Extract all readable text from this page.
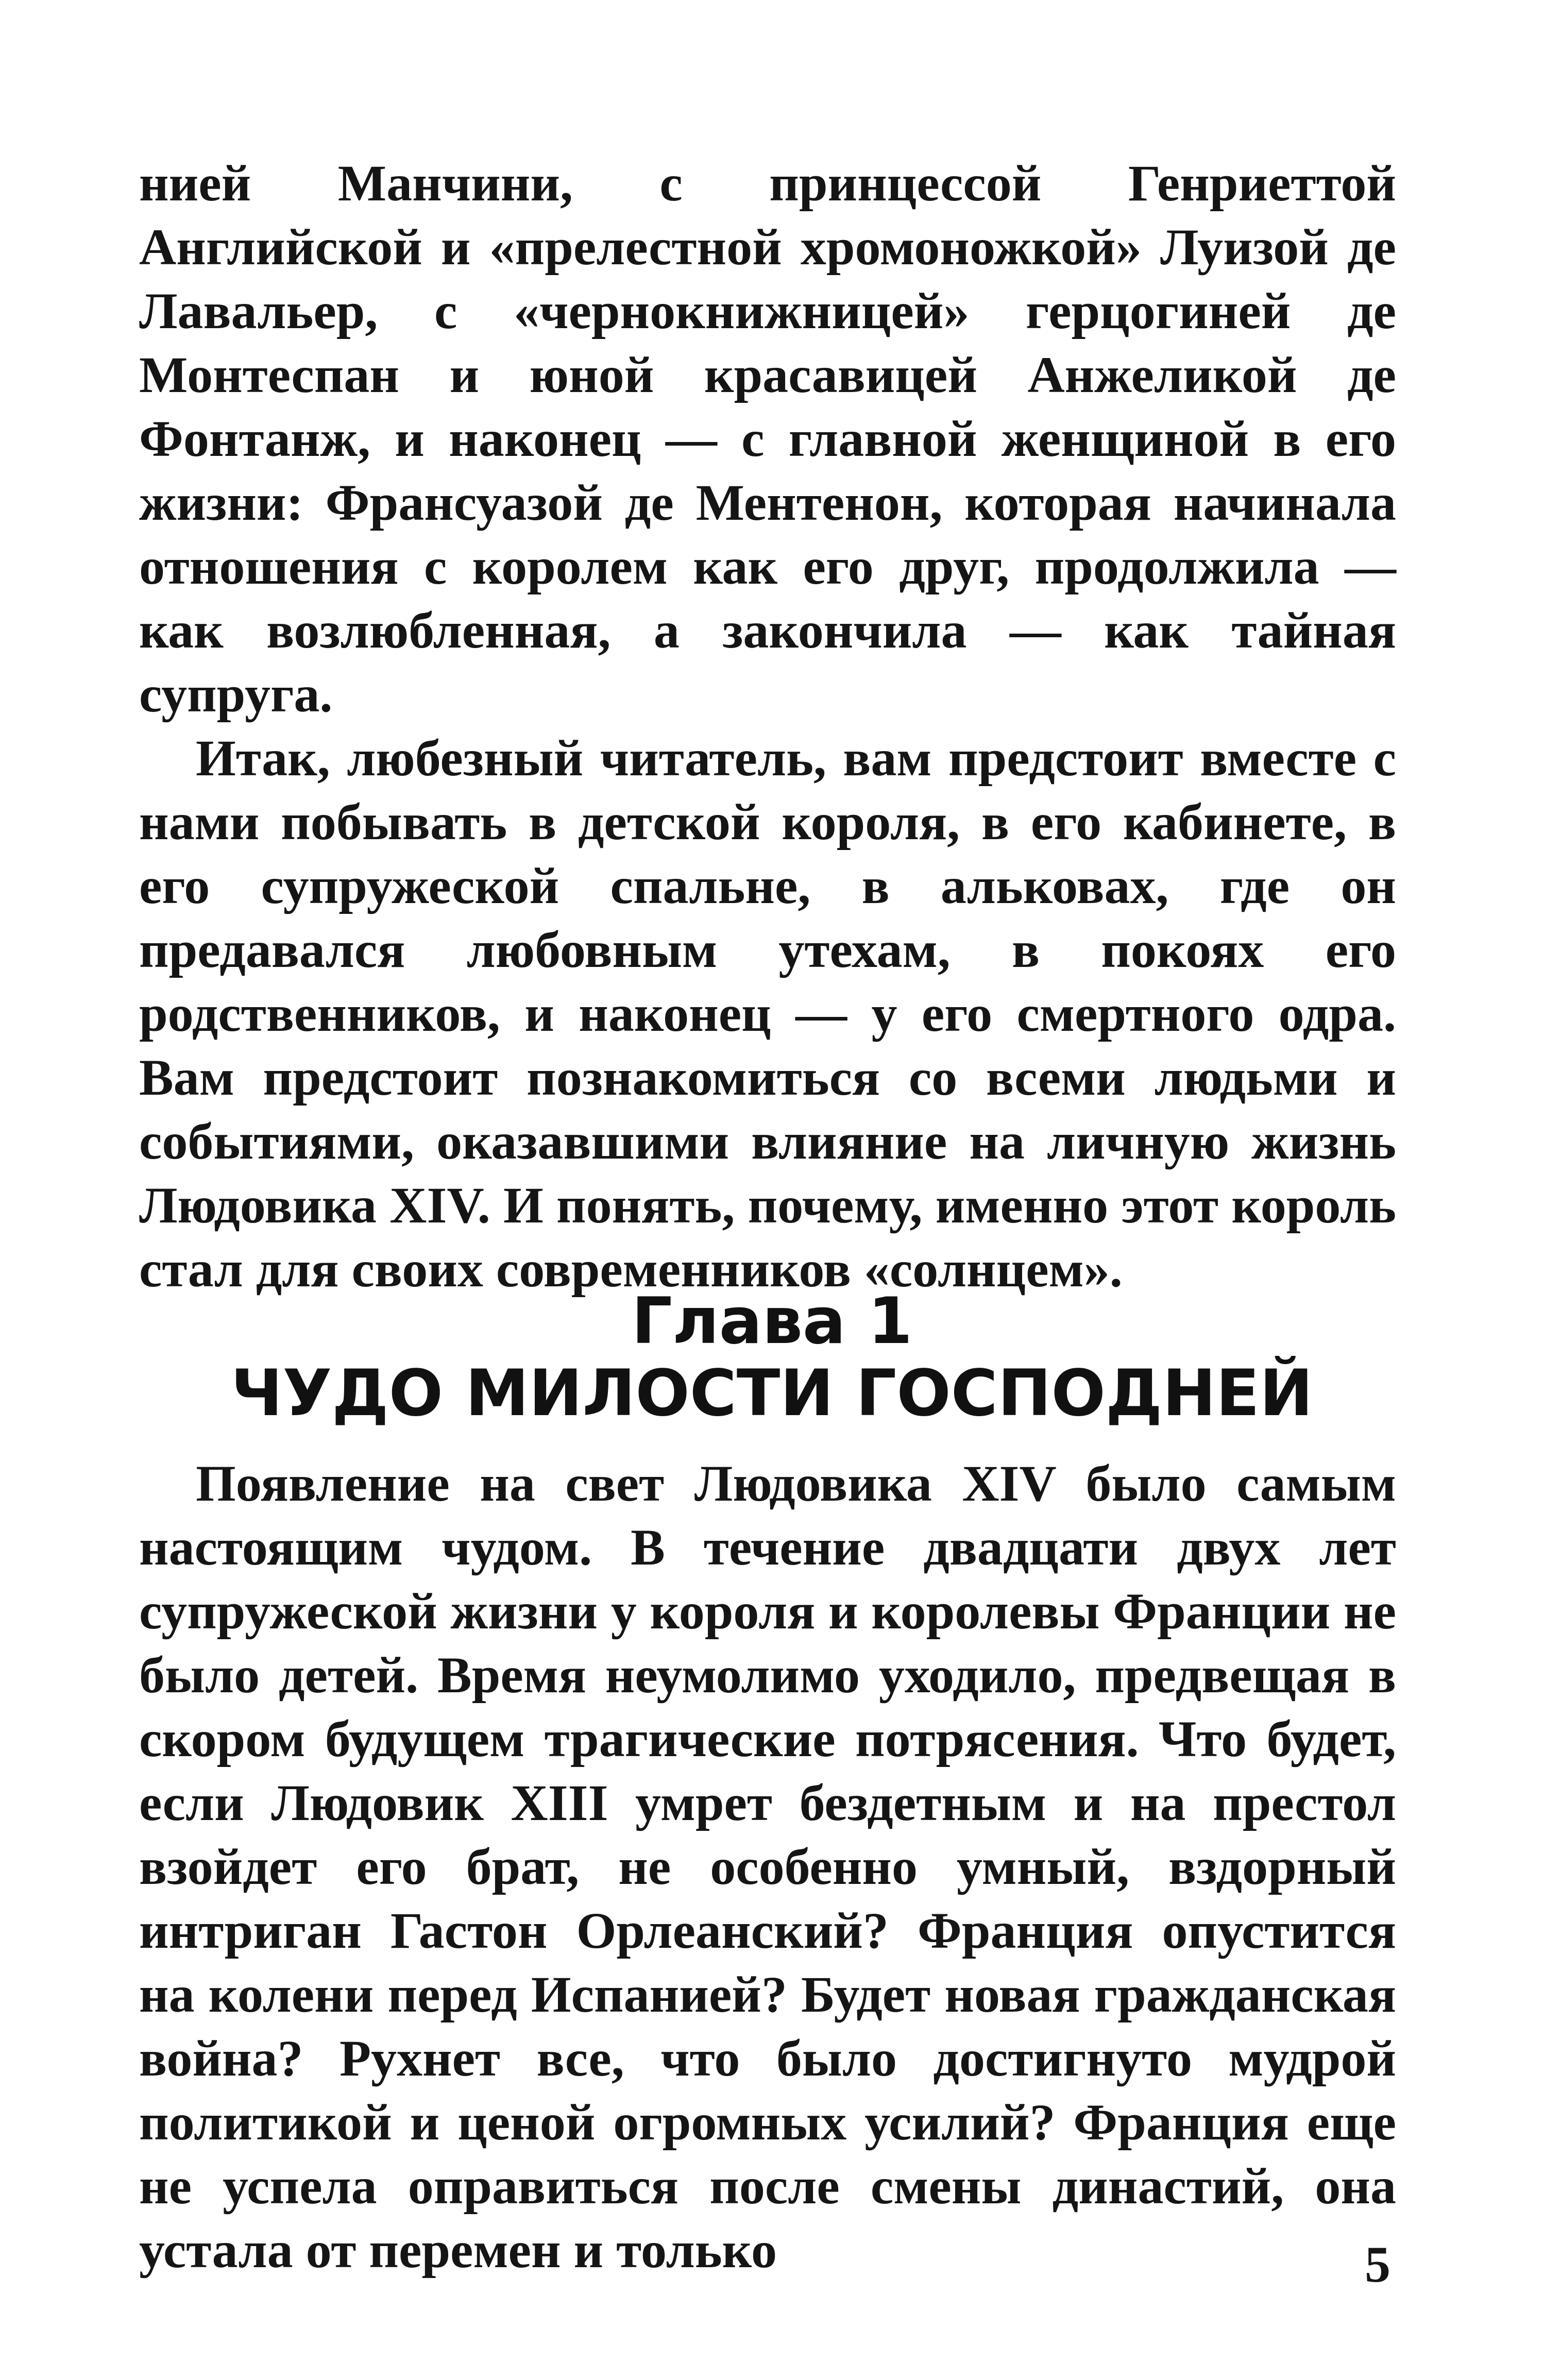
нией Манчини, с принцессой Генриеттой Английской и «прелестной хромоножкой» Луизой де Лавальер, с «чернокнижницей» герцогиней де Монтеспан и юной красавицей Анжеликой де Фонтанж, и наконец — с главной женщиной в его жизни: Франсуазой де Ментенон, которая начинала отношения с королем как его друг, продолжила — как возлюбленная, а закончила — как тайная супруга.

Итак, любезный читатель, вам предстоит вместе с нами побывать в детской короля, в его кабинете, в его супружеской спальне, в альковах, где он предавался любовным утехам, в покоях его родственников, и наконец — у его смертного одра. Вам предстоит познакомиться со всеми людьми и событиями, оказавшими влияние на личную жизнь Людовика XIV. И понять, почему, именно этот король стал для своих современников «солнцем».

Глава 1
ЧУДО МИЛОСТИ ГОСПОДНЕЙ

Появление на свет Людовика XIV было самым настоящим чудом. В течение двадцати двух лет супружеской жизни у короля и королевы Франции не было детей. Время неумолимо уходило, предвещая в скором будущем трагические потрясения. Что будет, если Людовик XIII умрет бездетным и на престол взойдет его брат, не особенно умный, вздорный интриган Гастон Орлеанский? Франция опустится на колени перед Испанией? Будет новая гражданская война? Рухнет все, что было достигнуто мудрой политикой и ценой огромных усилий? Франция еще не успела оправиться после смены династий, она устала от перемен и только	5
